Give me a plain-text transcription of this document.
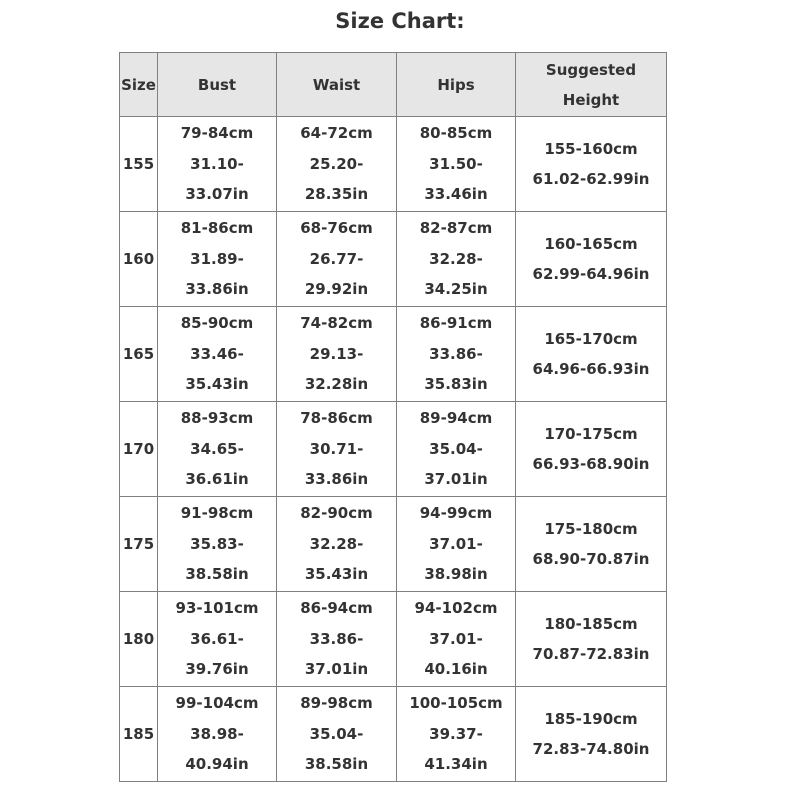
Size Chart:
Size	Bust	Waist	Hips	Suggested
Height

155	79-84cm
31.10-
33.07in	64-72cm
25.20-
28.35in	80-85cm
31.50-
33.46in	155-160cm
61.02-62.99in

160	81-86cm
31.89-
33.86in	68-76cm
26.77-
29.92in	82-87cm
32.28-
34.25in	160-165cm
62.99-64.96in

165	85-90cm
33.46-
35.43in	74-82cm
29.13-
32.28in	86-91cm
33.86-
35.83in	165-170cm
64.96-66.93in

170	88-93cm
34.65-
36.61in	78-86cm
30.71-
33.86in	89-94cm
35.04-
37.01in	170-175cm
66.93-68.90in

175	91-98cm
35.83-
38.58in	82-90cm
32.28-
35.43in	94-99cm
37.01-
38.98in	175-180cm
68.90-70.87in

180	93-101cm
36.61-
39.76in	86-94cm
33.86-
37.01in	94-102cm
37.01-
40.16in	180-185cm
70.87-72.83in

185	99-104cm
38.98-
40.94in	89-98cm
35.04-
38.58in	100-105cm
39.37-
41.34in	185-190cm
72.83-74.80in
